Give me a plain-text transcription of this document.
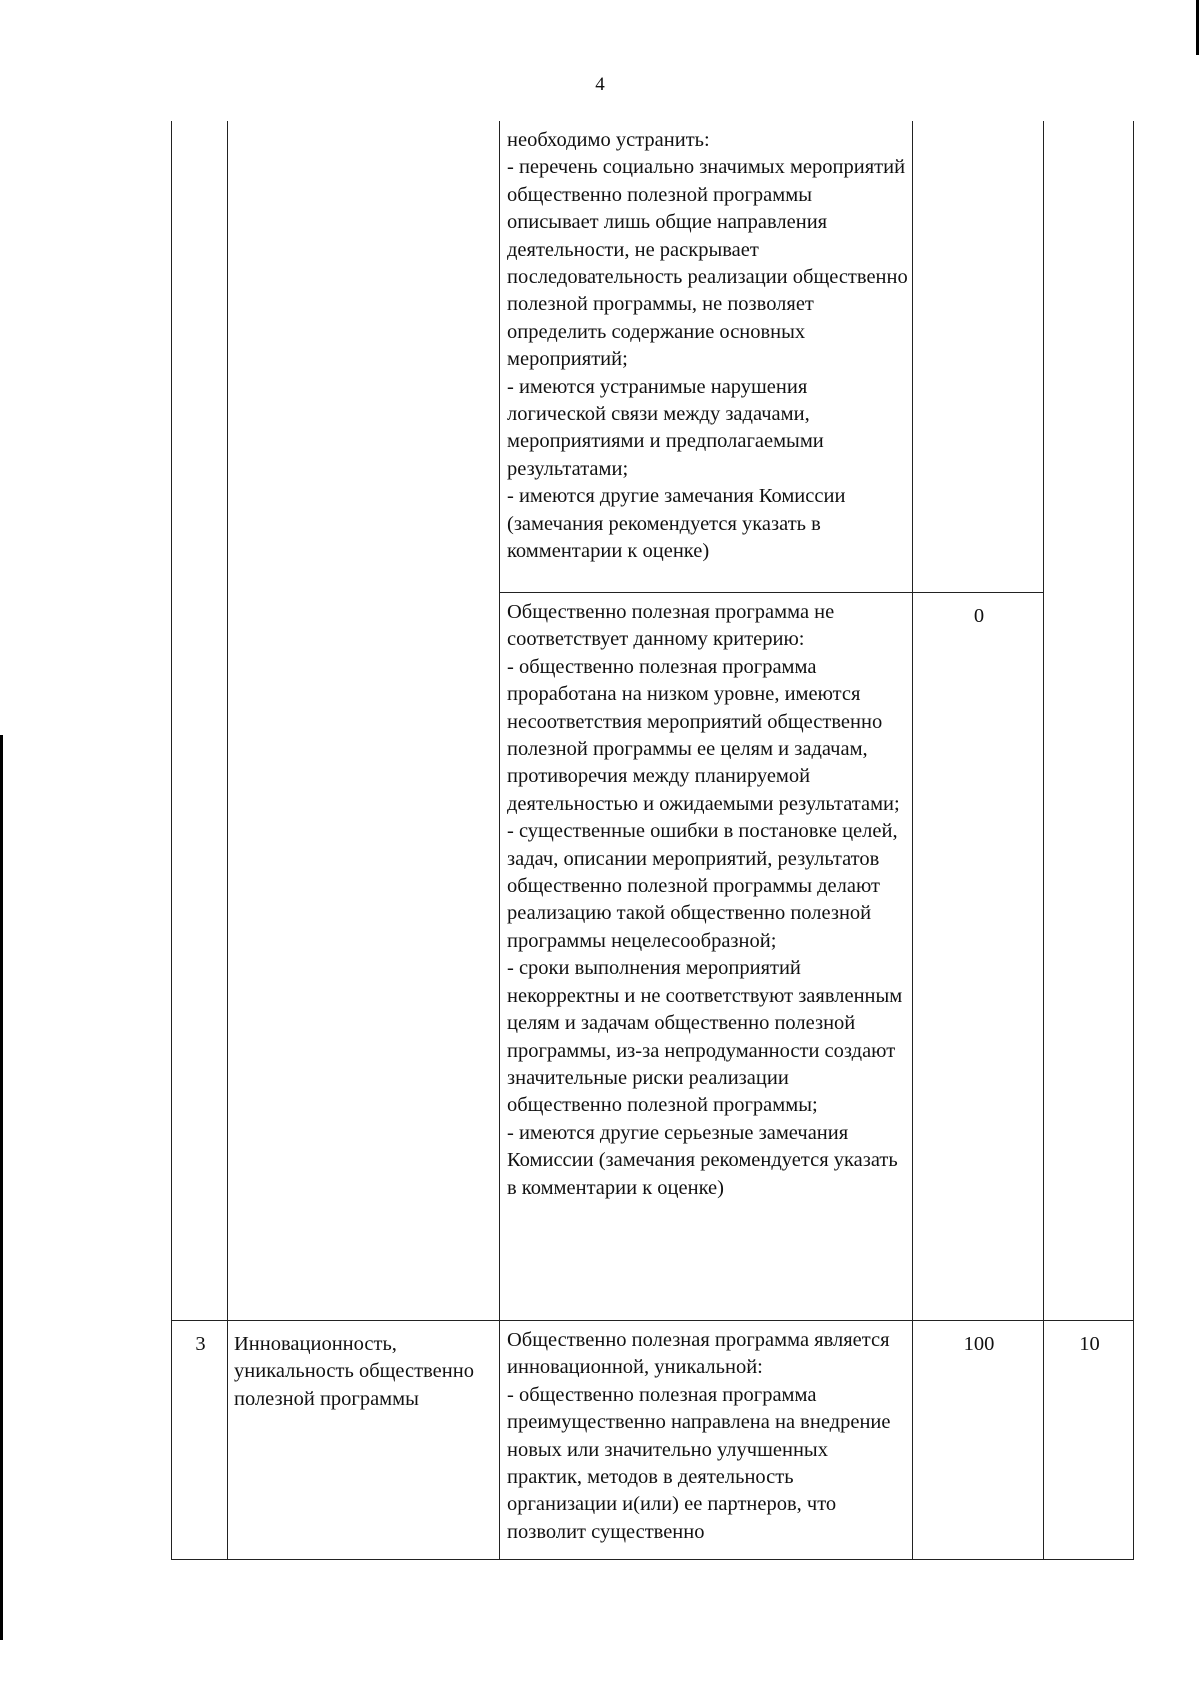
4
		необходимо устранить:
- перечень социально значимых мероприятий общественно полезной программы описывает лишь общие направления деятельности, не раскрывает последовательность реализации общественно полезной программы, не позволяет определить содержание основных мероприятий;
- имеются устранимые нарушения логической связи между задачами, мероприятиями и предполагаемыми результатами;
- имеются другие замечания Комиссии (замечания рекомендуется указать в комментарии к оценке)		
		Общественно полезная программа не соответствует данному критерию:
- общественно полезная программа проработана на низком уровне, имеются несоответствия мероприятий общественно полезной программы ее целям и задачам, противоречия между планируемой деятельностью и ожидаемыми результатами;
- существенные ошибки в постановке целей, задач, описании мероприятий, результатов общественно полезной программы делают реализацию такой общественно полезной программы нецелесообразной;
- сроки выполнения мероприятий некорректны и не соответствуют заявленным целям и задачам общественно полезной программы, из-за непродуманности создают значительные риски реализации общественно полезной программы;
- имеются другие серьезные замечания Комиссии (замечания рекомендуется указать в комментарии к оценке)	0	
3	Инновационность, уникальность общественно полезной программы	Общественно полезная программа является инновационной, уникальной:
- общественно полезная программа преимущественно направлена на внедрение новых или значительно улучшенных практик, методов в деятельность организации и(или) ее партнеров, что позволит существенно	100	10
